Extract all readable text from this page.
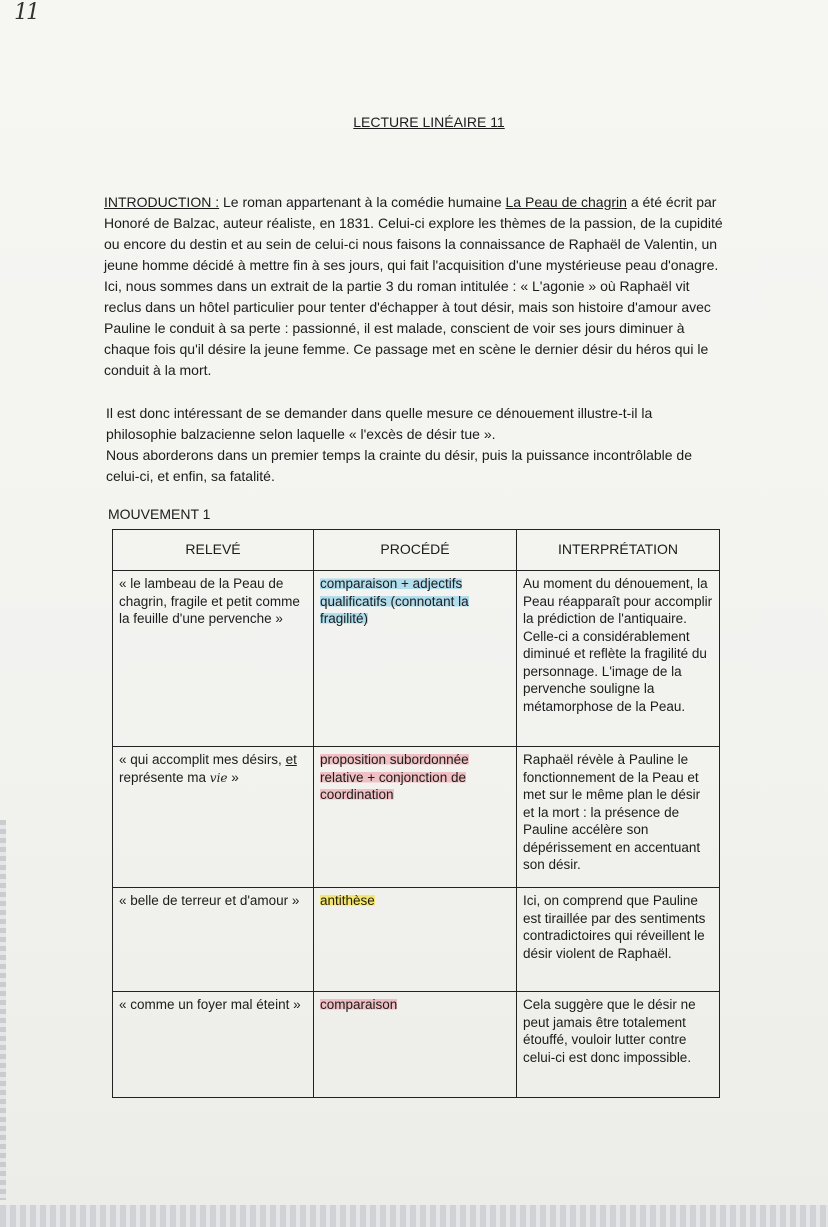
11
LECTURE LINÉAIRE 11

INTRODUCTION : Le roman appartenant à la comédie humaine La Peau de chagrin a été écrit par Honoré de Balzac, auteur réaliste, en 1831. Celui-ci explore les thèmes de la passion, de la cupidité ou encore du destin et au sein de celui-ci nous faisons la connaissance de Raphaël de Valentin, un jeune homme décidé à mettre fin à ses jours, qui fait l'acquisition d'une mystérieuse peau d'onagre. Ici, nous sommes dans un extrait de la partie 3 du roman intitulée : « L'agonie » où Raphaël vit reclus dans un hôtel particulier pour tenter d'échapper à tout désir, mais son histoire d'amour avec Pauline le conduit à sa perte : passionné, il est malade, conscient de voir ses jours diminuer à chaque fois qu'il désire la jeune femme. Ce passage met en scène le dernier désir du héros qui le conduit à la mort.

Il est donc intéressant de se demander dans quelle mesure ce dénouement illustre-t-il la philosophie balzacienne selon laquelle « l'excès de désir tue ».
Nous aborderons dans un premier temps la crainte du désir, puis la puissance incontrôlable de celui-ci, et enfin, sa fatalité.

MOUVEMENT 1
RELEVÉ	PROCÉDÉ	INTERPRÉTATION
« le lambeau de la Peau de chagrin, fragile et petit comme la feuille d'une pervenche »	comparaison + adjectifs qualificatifs (connotant la fragilité)	Au moment du dénouement, la Peau réapparaît pour accomplir la prédiction de l'antiquaire. Celle-ci a considérablement diminué et reflète la fragilité du personnage. L'image de la pervenche souligne la métamorphose de la Peau.
« qui accomplit mes désirs, et représente ma vie »	proposition subordonnée relative + conjonction de coordination	Raphaël révèle à Pauline le fonctionnement de la Peau et met sur le même plan le désir et la mort : la présence de Pauline accélère son dépérissement en accentuant son désir.
« belle de terreur et d'amour »	antithèse	Ici, on comprend que Pauline est tiraillée par des sentiments contradictoires qui réveillent le désir violent de Raphaël.
« comme un foyer mal éteint »	comparaison	Cela suggère que le désir ne peut jamais être totalement étouffé, vouloir lutter contre celui-ci est donc impossible.
